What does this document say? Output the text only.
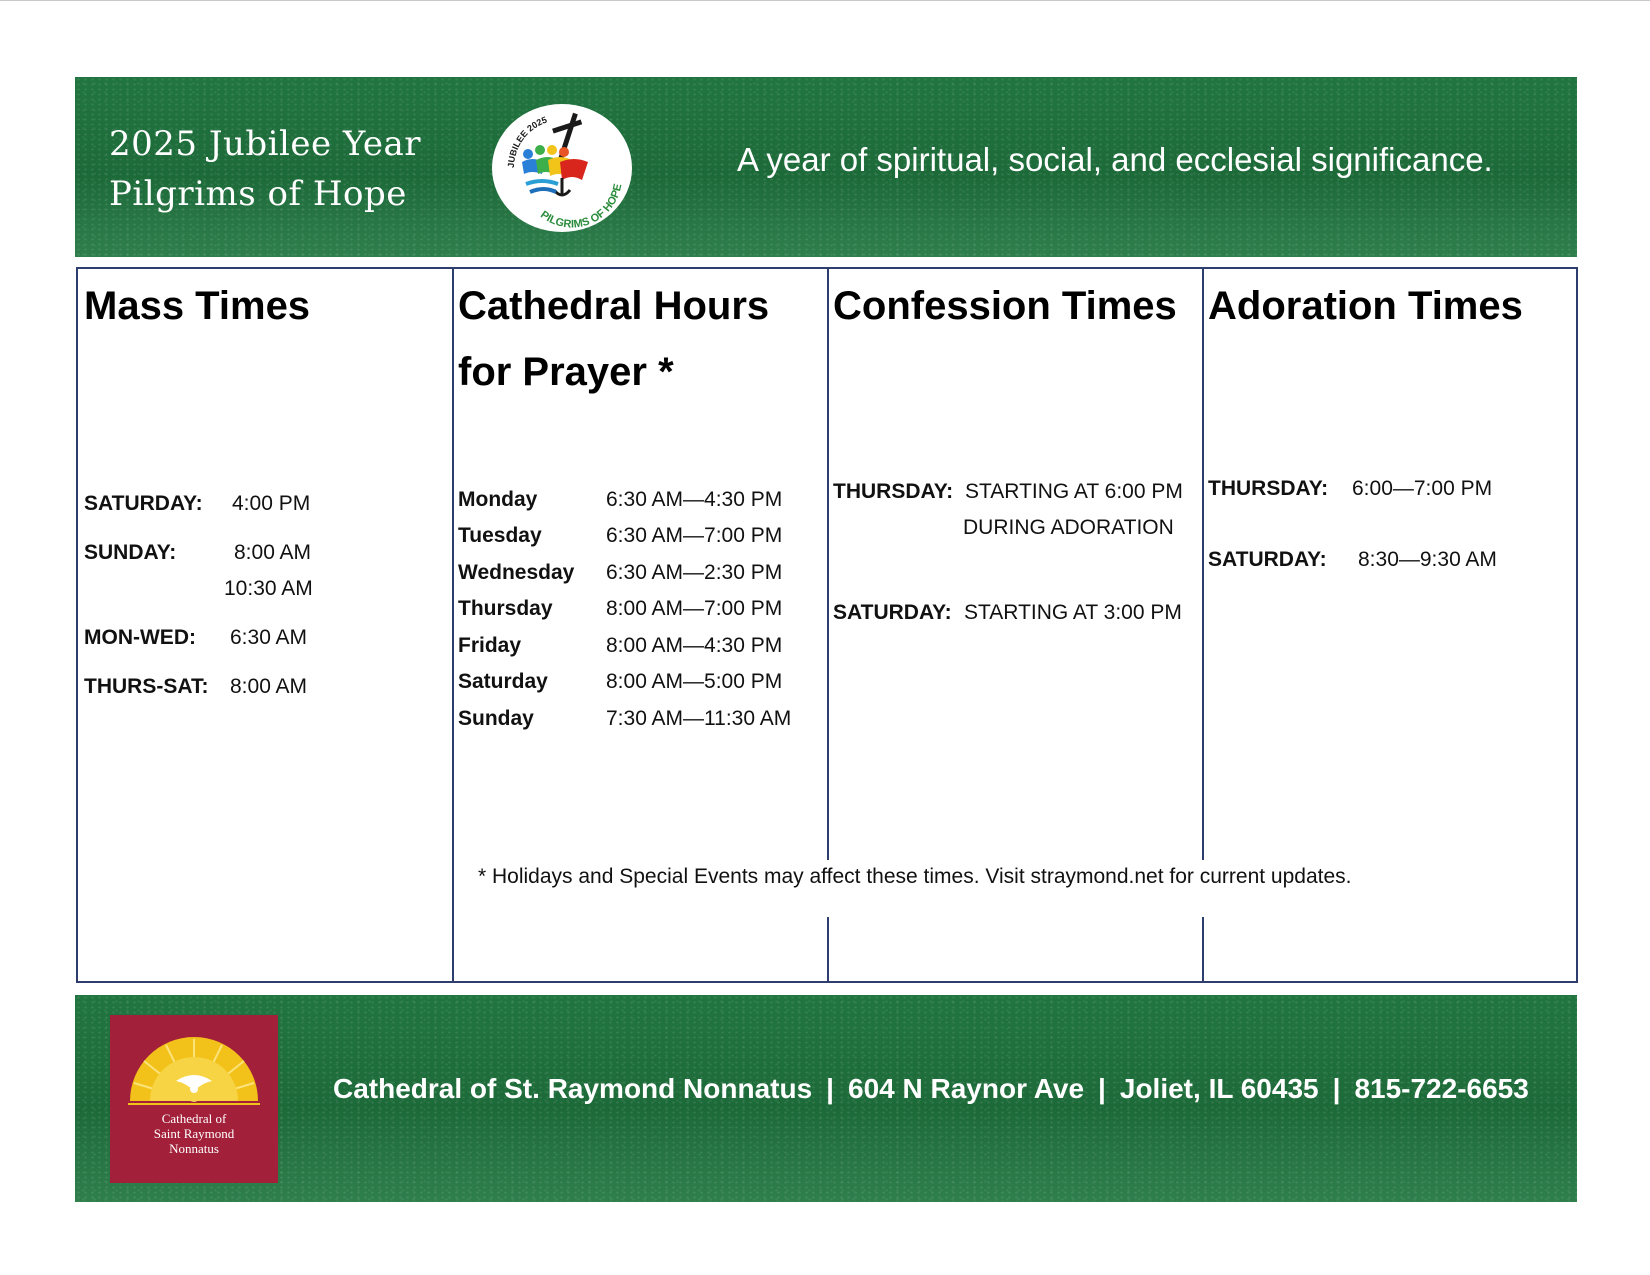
2025 Jubilee Year
Pilgrims of Hope
JUBILEE 2025
PILGRIMS OF HOPE
A year of spiritual, social, and ecclesial significance.
Mass Times
SATURDAY: 4:00 PM
SUNDAY:	8:00 AM
10:30 AM
MON-WED: 6:30 AM
THURS-SAT: 8:00 AM
Cathedral Hours
for Prayer *
Monday	6:30 AM—4:30 PM
Tuesday	6:30 AM—7:00 PM
Wednesday 6:30 AM—2:30 PM
Thursday	8:00 AM—7:00 PM
Friday	8:00 AM—4:30 PM
Saturday	8:00 AM—5:00 PM
Sunday	7:30 AM—11:30 AM
Confession Times
THURSDAY: STARTING AT 6:00 PM
DURING ADORATION
SATURDAY: STARTING AT 3:00 PM
Adoration Times
THURSDAY: 6:00—7:00 PM
SATURDAY: 8:30—9:30 AM
* Holidays and Special Events may affect these times. Visit straymond.net for current updates.
Cathedral of
Saint Raymond
Nonnatus
Cathedral of St. Raymond Nonnatus | 604 N Raynor Ave | Joliet, IL 60435 | 815-722-6653
